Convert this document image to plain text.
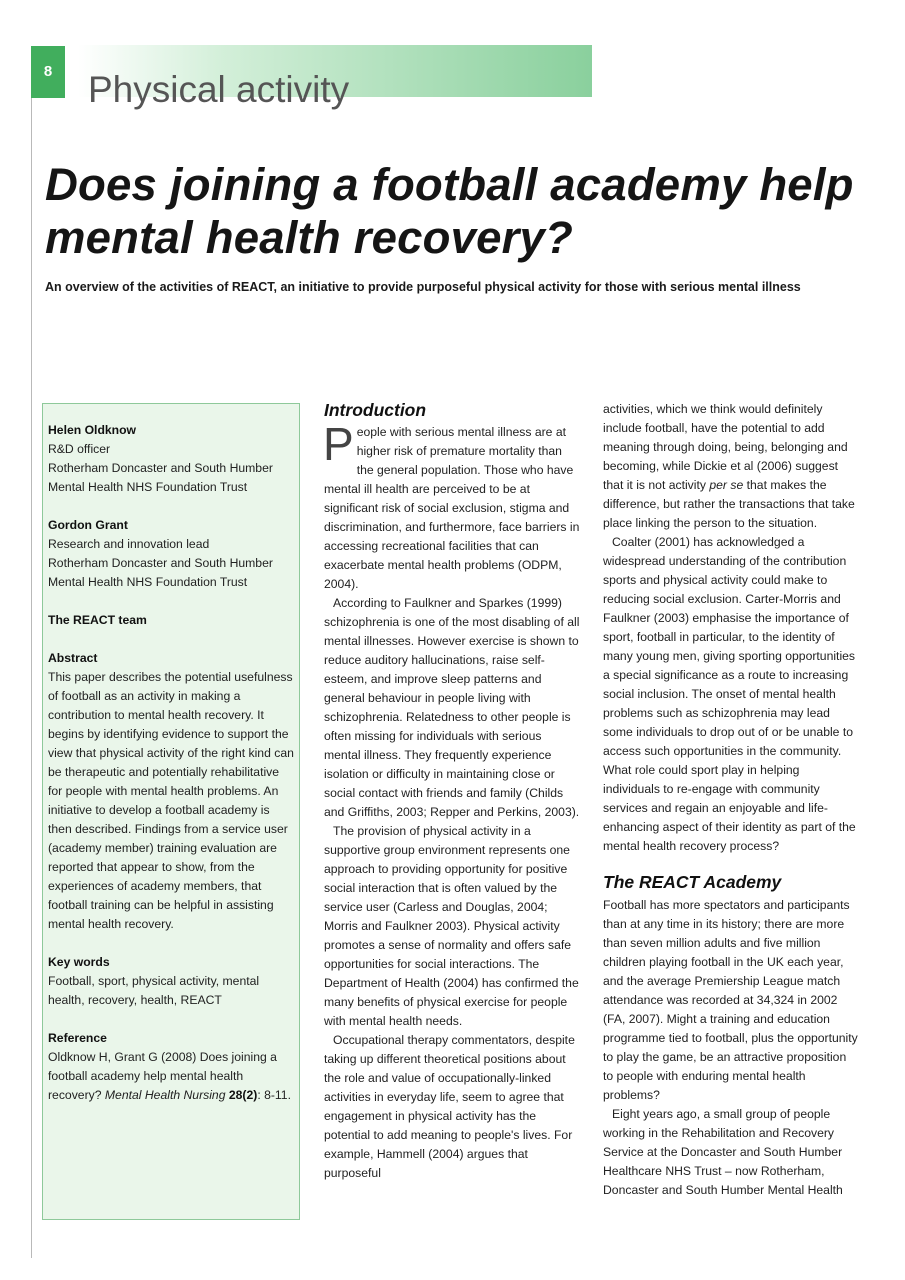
8 Physical activity
Does joining a football academy help mental health recovery?
An overview of the activities of REACT, an initiative to provide purposeful physical activity for those with serious mental illness

Helen Oldknow
R&D officer
Rotherham Doncaster and South Humber
Mental Health NHS Foundation Trust

Gordon Grant
Research and innovation lead
Rotherham Doncaster and South Humber
Mental Health NHS Foundation Trust

The REACT team

Abstract
This paper describes the potential usefulness of football as an activity in making a contribution to mental health recovery. It begins by identifying evidence to support the view that physical activity of the right kind can be therapeutic and potentially rehabilitative for people with mental health problems. An initiative to develop a football academy is then described. Findings from a service user (academy member) training evaluation are reported that appear to show, from the experiences of academy members, that football training can be helpful in assisting mental health recovery.

Key words
Football, sport, physical activity, mental health, recovery, health, REACT

Reference
Oldknow H, Grant G (2008) Does joining a football academy help mental health recovery? Mental Health Nursing 28(2): 8-11.

Introduction

People with serious mental illness are at higher risk of premature mortality than the general population. Those who have mental ill health are perceived to be at significant risk of social exclusion, stigma and discrimination, and furthermore, face barriers in accessing recreational facilities that can exacerbate mental health problems (ODPM, 2004).

According to Faulkner and Sparkes (1999) schizophrenia is one of the most disabling of all mental illnesses. However exercise is shown to reduce auditory hallucinations, raise self-esteem, and improve sleep patterns and general behaviour in people living with schizophrenia. Relatedness to other people is often missing for individuals with serious mental illness. They frequently experience isolation or difficulty in maintaining close or social contact with friends and family (Childs and Griffiths, 2003; Repper and Perkins, 2003).

The provision of physical activity in a supportive group environment represents one approach to providing opportunity for positive social interaction that is often valued by the service user (Carless and Douglas, 2004; Morris and Faulkner 2003). Physical activity promotes a sense of normality and offers safe opportunities for social interactions. The Department of Health (2004) has confirmed the many benefits of physical exercise for people with mental health needs.

Occupational therapy commentators, despite taking up different theoretical positions about the role and value of occupationally-linked activities in everyday life, seem to agree that engagement in physical activity has the potential to add meaning to people's lives. For example, Hammell (2004) argues that purposeful

activities, which we think would definitely include football, have the potential to add meaning through doing, being, belonging and becoming, while Dickie et al (2006) suggest that it is not activity per se that makes the difference, but rather the transactions that take place linking the person to the situation.

Coalter (2001) has acknowledged a widespread understanding of the contribution sports and physical activity could make to reducing social exclusion. Carter-Morris and Faulkner (2003) emphasise the importance of sport, football in particular, to the identity of many young men, giving sporting opportunities a special significance as a route to increasing social inclusion. The onset of mental health problems such as schizophrenia may lead some individuals to drop out of or be unable to access such opportunities in the community. What role could sport play in helping individuals to re-engage with community services and regain an enjoyable and life-enhancing aspect of their identity as part of the mental health recovery process?

The REACT Academy

Football has more spectators and participants than at any time in its history; there are more than seven million adults and five million children playing football in the UK each year, and the average Premiership League match attendance was recorded at 34,324 in 2002 (FA, 2007). Might a training and education programme tied to football, plus the opportunity to play the game, be an attractive proposition to people with enduring mental health problems?

Eight years ago, a small group of people working in the Rehabilitation and Recovery Service at the Doncaster and South Humber Healthcare NHS Trust – now Rotherham, Doncaster and South Humber Mental Health
